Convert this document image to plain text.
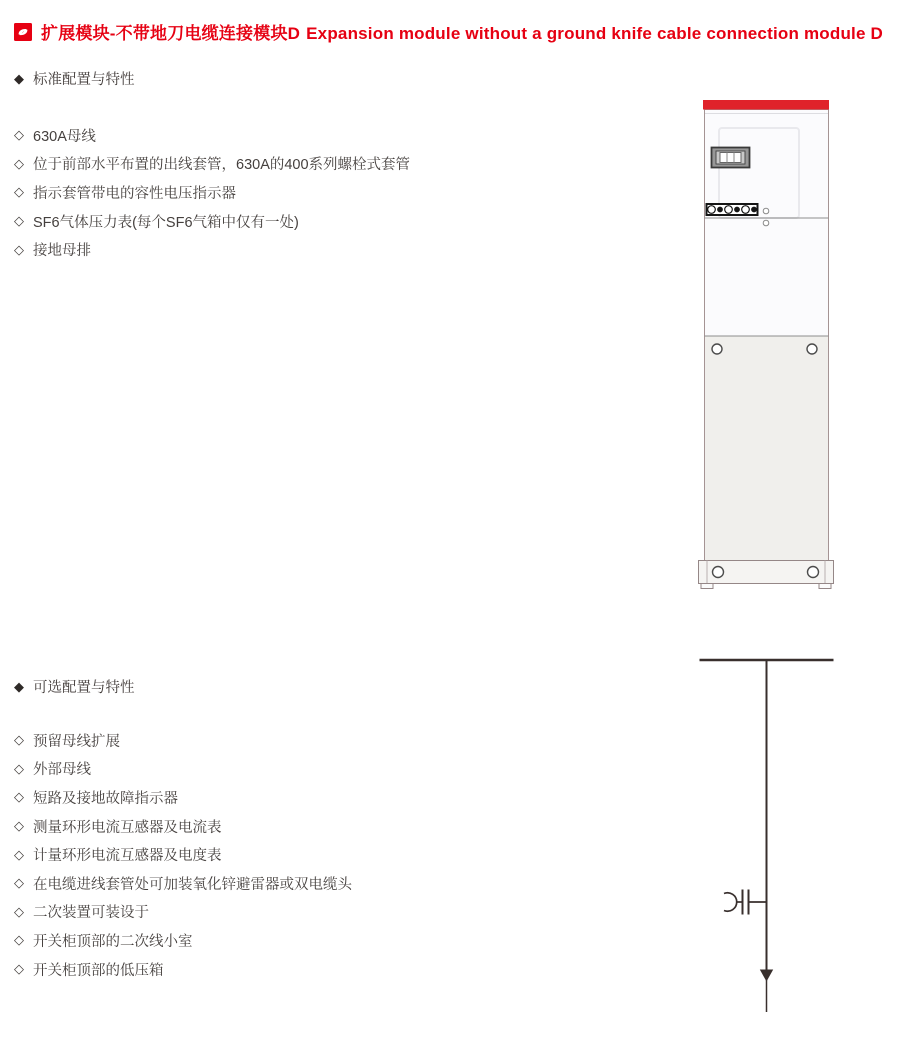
扩展模块-不带地刀电缆连接模块D Expansion module without a ground knife cable connection module D
◆ 标准配置与特性
◇ 630A母线
◇ 位于前部水平布置的出线套管，630A的400系列螺栓式套管
◇ 指示套管带电的容性电压指示器
◇ SF6气体压力表(每个SF6气箱中仅有一处)
◇ 接地母排
◆ 可选配置与特性
◇ 预留母线扩展
◇ 外部母线
◇ 短路及接地故障指示器
◇ 测量环形电流互感器及电流表
◇ 计量环形电流互感器及电度表
◇ 在电缆进线套管处可加装氧化锌避雷器或双电缆头
◇ 二次装置可装设于
◇ 开关柜顶部的二次线小室
◇ 开关柜顶部的低压箱
